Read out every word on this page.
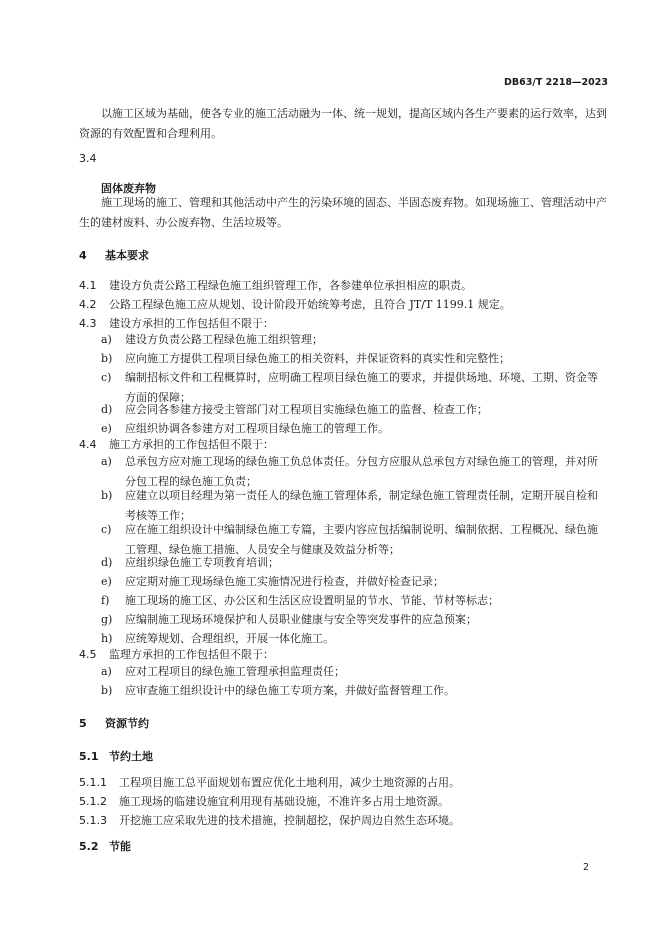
DB63/T 2218—2023

以施工区域为基础，使各专业的施工活动融为一体、统一规划，提高区域内各生产要素的运行效率，达到资源的有效配置和合理利用。

3.4
固体废弃物

施工现场的施工、管理和其他活动中产生的污染环境的固态、半固态废弃物。如现场施工、管理活动中产生的建材废料、办公废弃物、生活垃圾等。

4 基本要求
4.1 建设方负责公路工程绿色施工组织管理工作，各参建单位承担相应的职责。
4.2 公路工程绿色施工应从规划、设计阶段开始统筹考虑，且符合 JT/T 1199.1 规定。
4.3 建设方承担的工作包括但不限于：
a) 建设方负责公路工程绿色施工组织管理；
b) 应向施工方提供工程项目绿色施工的相关资料，并保证资料的真实性和完整性；
c) 编制招标文件和工程概算时，应明确工程项目绿色施工的要求，并提供场地、环境、工期、资金等方面的保障；
d) 应会同各参建方接受主管部门对工程项目实施绿色施工的监督、检查工作；
e) 应组织协调各参建方对工程项目绿色施工的管理工作。
4.4 施工方承担的工作包括但不限于：
a) 总承包方应对施工现场的绿色施工负总体责任。分包方应服从总承包方对绿色施工的管理，并对所分包工程的绿色施工负责；
b) 应建立以项目经理为第一责任人的绿色施工管理体系，制定绿色施工管理责任制，定期开展自检和考核等工作；
c) 应在施工组织设计中编制绿色施工专篇，主要内容应包括编制说明、编制依据、工程概况、绿色施工管理、绿色施工措施、人员安全与健康及效益分析等；
d) 应组织绿色施工专项教育培训；
e) 应定期对施工现场绿色施工实施情况进行检查，并做好检查记录；
f) 施工现场的施工区、办公区和生活区应设置明显的节水、节能、节材等标志；
g) 应编制施工现场环境保护和人员职业健康与安全等突发事件的应急预案；
h) 应统筹规划、合理组织，开展一体化施工。
4.5 监理方承担的工作包括但不限于：
a) 应对工程项目的绿色施工管理承担监理责任；
b) 应审查施工组织设计中的绿色施工专项方案，并做好监督管理工作。
5 资源节约
5.1 节约土地
5.1.1 工程项目施工总平面规划布置应优化土地利用，减少土地资源的占用。
5.1.2 施工现场的临建设施宜利用现有基础设施，不准许多占用土地资源。
5.1.3 开挖施工应采取先进的技术措施，控制超挖，保护周边自然生态环境。
5.2 节能
2
